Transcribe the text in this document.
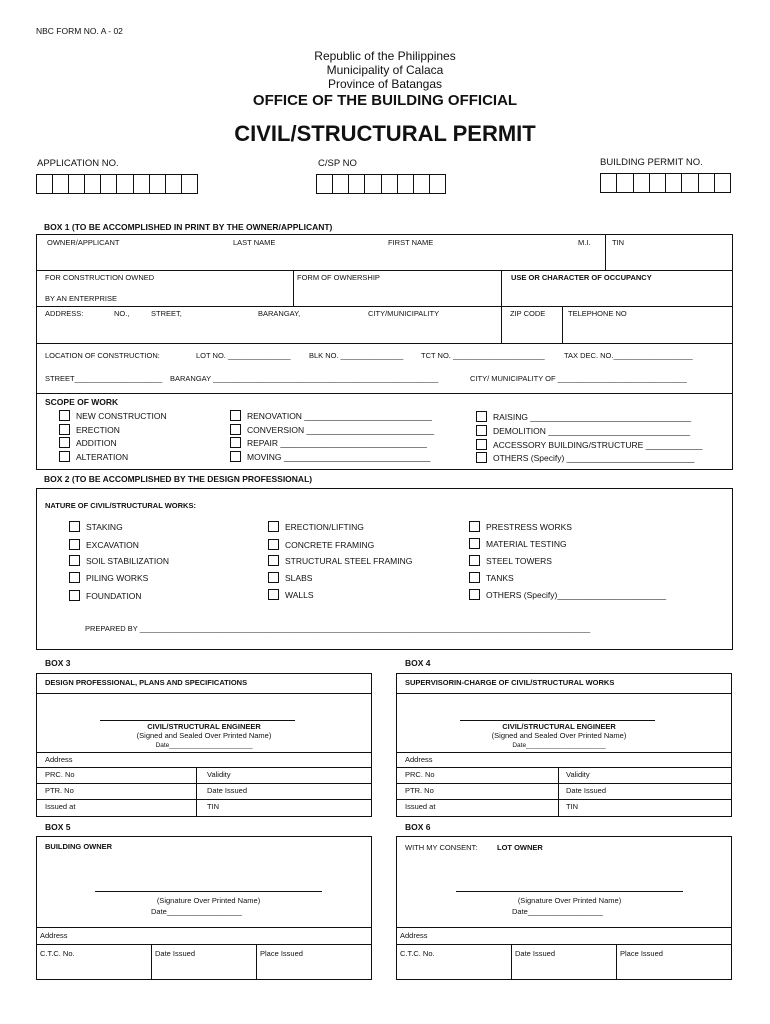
NBC FORM NO. A - 02
Republic of the Philippines
Municipality of Calaca
Province of Batangas
OFFICE OF THE BUILDING OFFICIAL
CIVIL/STRUCTURAL PERMIT
APPLICATION NO.	C/SP NO	BUILDING PERMIT NO.
BOX 1 (TO BE ACCOMPLISHED IN PRINT BY THE OWNER/APPLICANT)
OWNER/APPLICANT	LAST NAME	FIRST NAME	M.I.	TIN
FOR CONSTRUCTION OWNED
BY AN ENTERPRISE
FORM OF OWNERSHIP	USE OR CHARACTER OF OCCUPANCY
ADDRESS:	NO.,	STREET,	BARANGAY,	CITY/MUNICIPALITY	ZIP CODE	TELEPHONE NO
LOCATION OF CONSTRUCTION:	LOT NO. _______________ BLK NO. _______________ TCT NO. ______________________	TAX DEC. NO.___________________
STREET_____________________ BARANGAY ______________________________________________________	CITY/ MUNICIPALITY OF _______________________________
SCOPE OF WORK
NEW CONSTRUCTION
ERECTION
ADDITION
ALTERATION
RENOVATION ___________________________
CONVERSION ___________________________
REPAIR _______________________________
MOVING _______________________________
RAISING __________________________________
DEMOLITION ______________________________
ACCESSORY BUILDING/STRUCTURE ____________
OTHERS (Specify) ___________________________
BOX 2 (TO BE ACCOMPLISHED BY THE DESIGN PROFESSIONAL)
NATURE OF CIVIL/STRUCTURAL WORKS:
STAKING
EXCAVATION
SOIL STABILIZATION
PILING WORKS
FOUNDATION
ERECTION/LIFTING
CONCRETE FRAMING
STRUCTURAL STEEL FRAMING
SLABS
WALLS
PRESTRESS WORKS
MATERIAL TESTING
STEEL TOWERS
TANKS
OTHERS (Specify)_______________________
PREPARED BY ____________________________________________________________________________________________________________
BOX 3
DESIGN PROFESSIONAL, PLANS AND SPECIFICATIONS
CIVIL/STRUCTURAL ENGINEER
(Signed and Sealed Over Printed Name)
Date_______________________
Address
PRC. No	Validity
PTR. No	Date Issued
Issued at	TIN
BOX 4
SUPERVISORIN-CHARGE OF CIVIL/STRUCTURAL WORKS
CIVIL/STRUCTURAL ENGINEER
(Signed and Sealed Over Printed Name)
Date______________________
Address
PRC. No	Validity
PTR. No	Date Issued
Issued at	TIN
BOX 5
BUILDING OWNER
(Signature Over Printed Name)
Date__________________
Address
C.T.C. No.	Date Issued	Place Issued
BOX 6
WITH MY CONSENT:	LOT OWNER
(Signature Over Printed Name)
Date__________________
Address
C.T.C. No.	Date Issued	Place Issued
